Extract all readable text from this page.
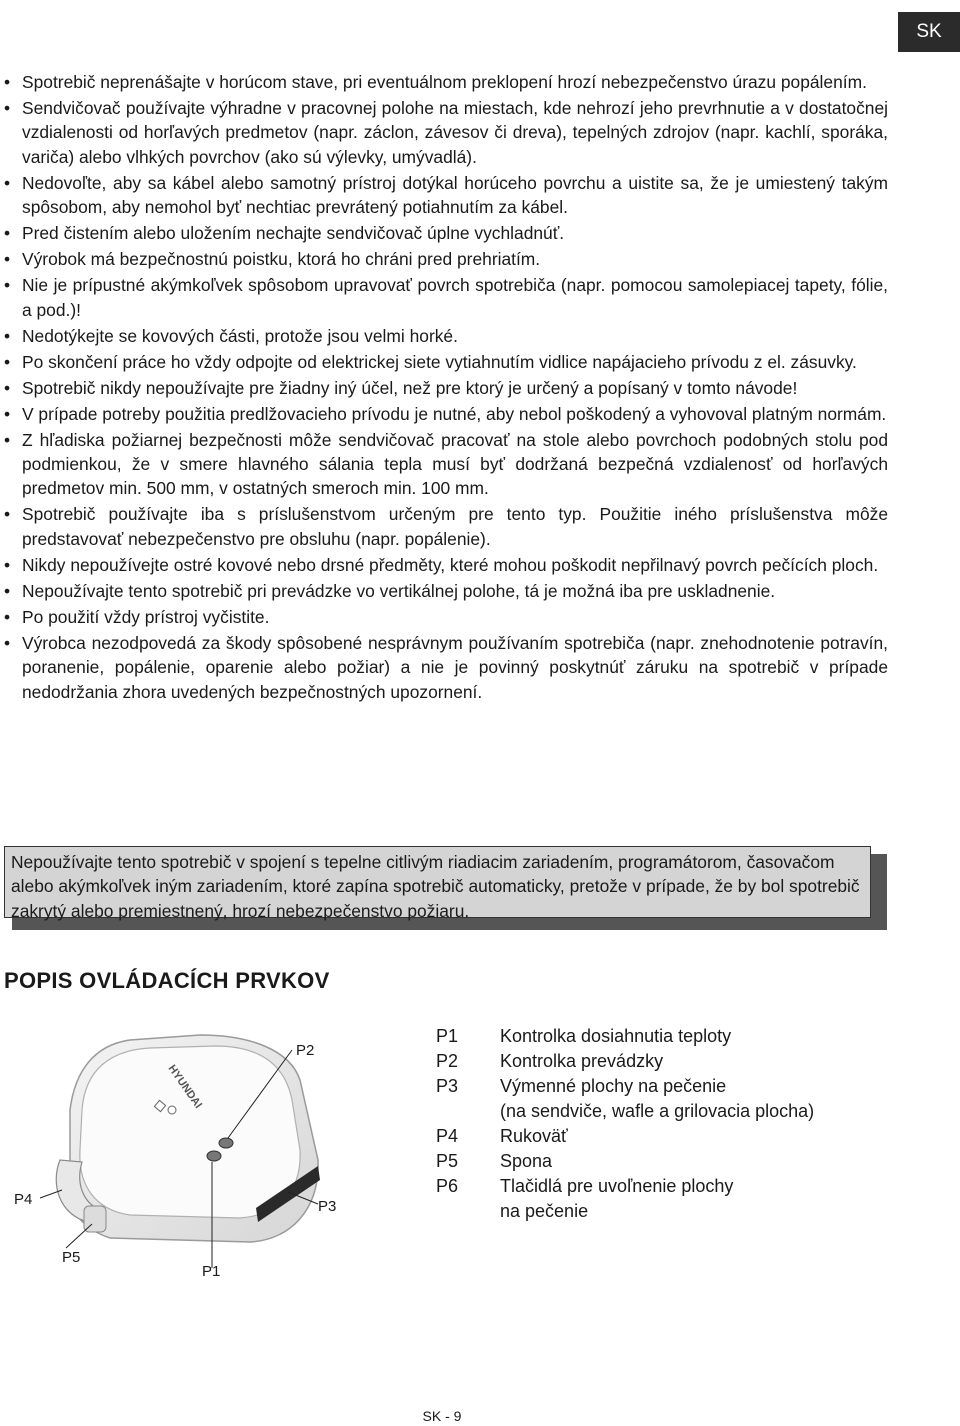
SK
• Spotrebič neprenášajte v horúcom stave, pri eventuálnom preklopení hrozí nebezpečenstvo úrazu popálením.
• Sendvičovač používajte výhradne v pracovnej polohe na miestach, kde nehrozí jeho prevrhnutie a v dostatočnej vzdialenosti od horľavých predmetov (napr. záclon, závesov či dreva), tepelných zdrojov (napr. kachlí, sporáka, variča) alebo vlhkých povrchov (ako sú výlevky, umývadlá).
• Nedovoľte, aby sa kábel alebo samotný prístroj dotýkal horúceho povrchu a uistite sa, že je umiestený takým spôsobom, aby nemohol byť nechtiac prevrátený potiahnutím za kábel.
• Pred čistením alebo uložením nechajte sendvičovač úplne vychladnúť.
• Výrobok má bezpečnostnú poistku, ktorá ho chráni pred prehriatím.
• Nie je prípustné akýmkoľvek spôsobom upravovať povrch spotrebiča (napr. pomocou samolepiacej tapety, fólie, a pod.)!
• Nedotýkejte se kovových části, protože jsou velmi horké.
• Po skončení práce ho vždy odpojte od elektrickej siete vytiahnutím vidlice napájacieho prívodu z el. zásuvky.
• Spotrebič nikdy nepoužívajte pre žiadny iný účel, než pre ktorý je určený a popísaný v tomto návode!
• V prípade potreby použitia predlžovacieho prívodu je nutné, aby nebol poškodený a vyhovoval platným normám.
• Z hľadiska požiarnej bezpečnosti môže sendvičovač pracovať na stole alebo povrchoch podobných stolu pod podmienkou, že v smere hlavného sálania tepla musí byť dodržaná bezpečná vzdialenosť od horľavých predmetov min. 500 mm, v ostatných smeroch min. 100 mm.
• Spotrebič používajte iba s príslušenstvom určeným pre tento typ. Použitie iného príslušenstva môže predstavovať nebezpečenstvo pre obsluhu (napr. popálenie).
• Nikdy nepoužívejte ostré kovové nebo drsné předměty, které mohou poškodit nepřilnavý povrch pečících ploch.
• Nepoužívajte tento spotrebič pri prevádzke vo vertikálnej polohe, tá je možná iba pre uskladnenie.
• Po použití vždy prístroj vyčistite.
• Výrobca nezodpovedá za škody spôsobené nesprávnym používaním spotrebiča (napr. znehodnotenie potravín, poranenie, popálenie, oparenie alebo požiar) a nie je povinný poskytnúť záruku na spotrebič v prípade nedodržania zhora uvedených bezpečnostných upozornení.
Nepoužívajte tento spotrebič v spojení s tepelne citlivým riadiacim zariadením, programátorom, časovačom alebo akýmkoľvek iným zariadením, ktoré zapína spotrebič automaticky, pretože v prípade, že by bol spotrebič zakrytý alebo premiestnený, hrozí nebezpečenstvo požiaru.
POPIS OVLÁDACÍCH PRVKOV
HYUNDAI
P2
P3
P4
P5
P1
P1	Kontrolka dosiahnutia teploty
P2	Kontrolka prevádzky
P3	Výmenné plochy na pečenie
(na sendviče, wafle a grilovacia plocha)
P4	Rukoväť
P5	Spona
P6	Tlačidlá pre uvoľnenie plochy
na pečenie
SK - 9
